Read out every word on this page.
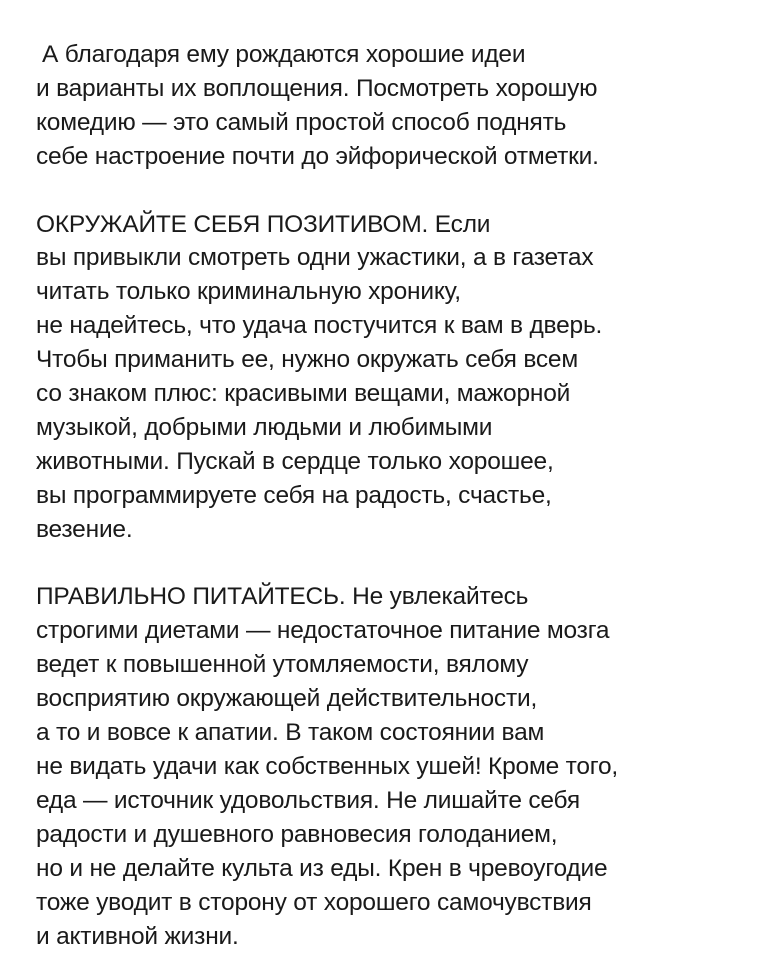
А благодаря ему рождаются хорошие идеи
и варианты их воплощения. Посмотреть хорошую
комедию — это самый простой способ поднять
себе настроение почти до эйфорической отметки.

ОКРУЖАЙТЕ СЕБЯ ПОЗИТИВОМ. Если
вы привыкли смотреть одни ужастики, а в газетах
читать только криминальную хронику,
не надейтесь, что удача постучится к вам в дверь.
Чтобы приманить ее, нужно окружать себя всем
со знаком плюс: красивыми вещами, мажорной
музыкой, добрыми людьми и любимыми
животными. Пускай в сердце только хорошее,
вы программируете себя на радость, счастье,
везение.

ПРАВИЛЬНО ПИТАЙТЕСЬ. Не увлекайтесь
строгими диетами — недостаточное питание мозга
ведет к повышенной утомляемости, вялому
восприятию окружающей действительности,
а то и вовсе к апатии. В таком состоянии вам
не видать удачи как собственных ушей! Кроме того,
еда — источник удовольствия. Не лишайте себя
радости и душевного равновесия голоданием,
но и не делайте культа из еды. Крен в чревоугодие
тоже уводит в сторону от хорошего самочувствия
и активной жизни.
